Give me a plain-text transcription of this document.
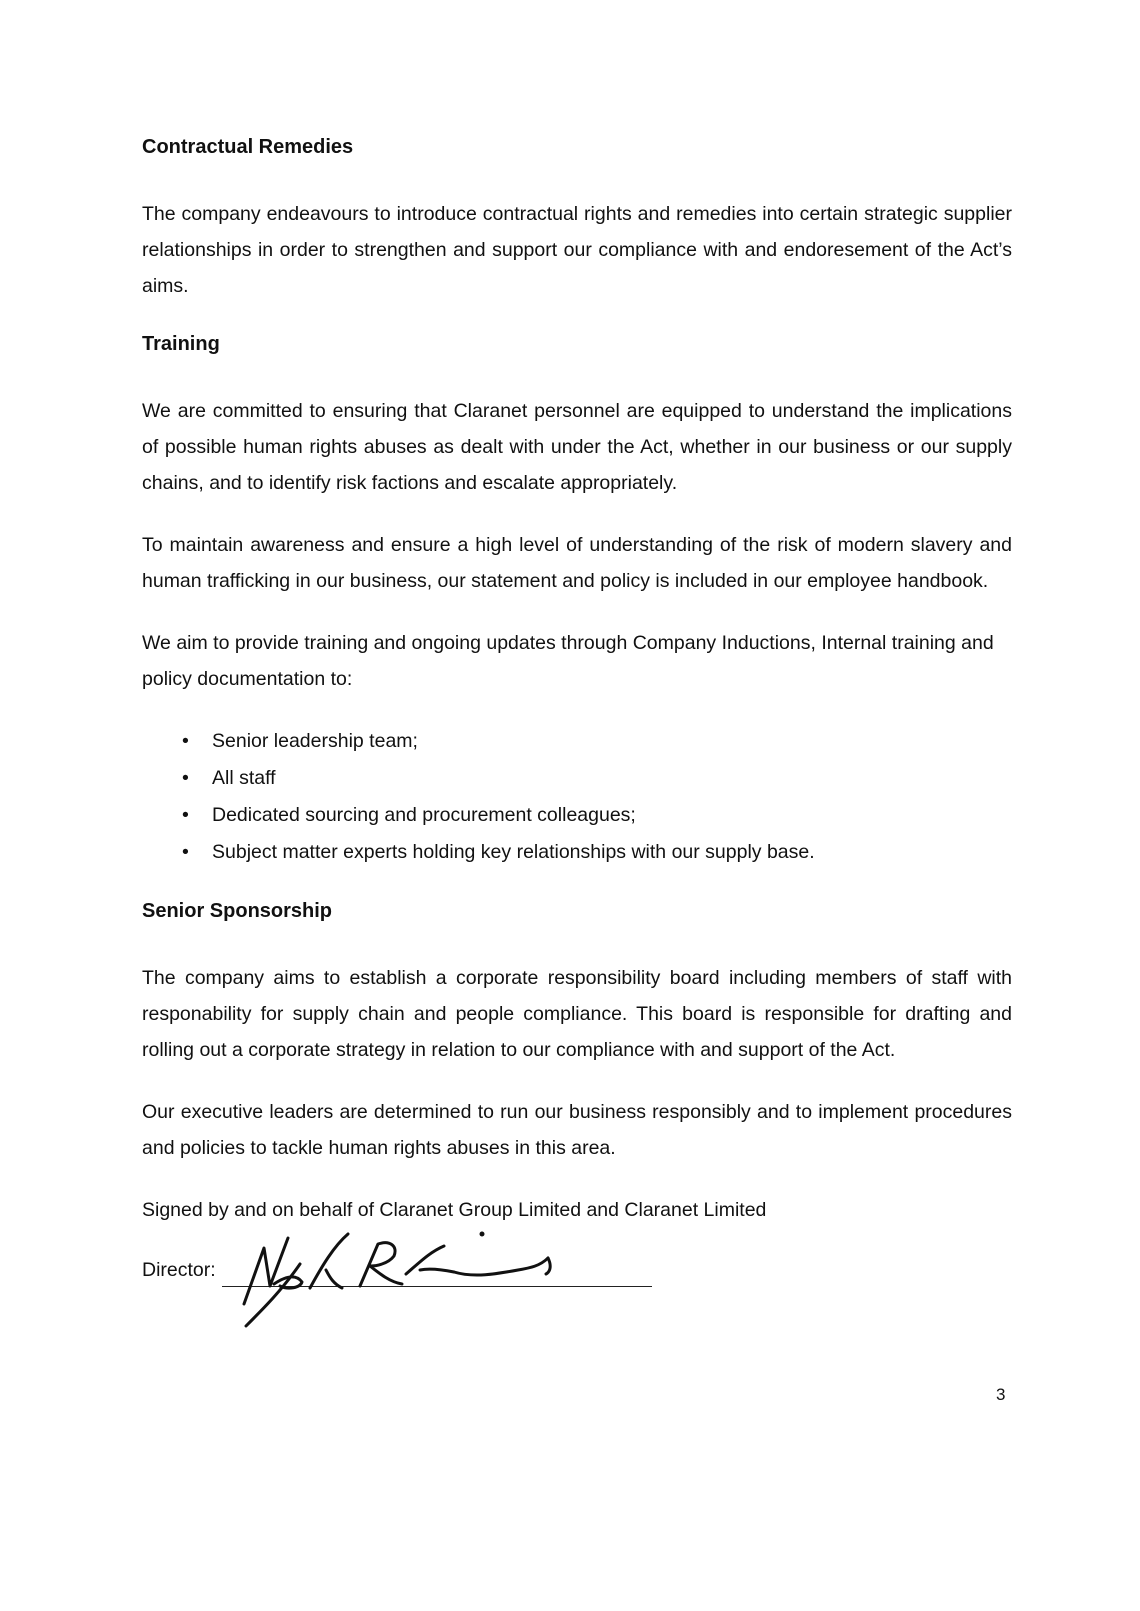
Contractual Remedies

The company endeavours to introduce contractual rights and remedies into certain strategic supplier relationships in order to strengthen and support our compliance with and endoresement of the Act’s aims.

Training

We are committed to ensuring that Claranet personnel are equipped to understand the implications of possible human rights abuses as dealt with under the Act, whether in our business or our supply chains, and to identify risk factions and escalate appropriately.

To maintain awareness and ensure a high level of understanding of the risk of modern slavery and human trafficking in our business, our statement and policy is included in our employee handbook.

We aim to provide training and ongoing updates through Company Inductions, Internal training and policy documentation to:

• Senior leadership team;
• All staff
• Dedicated sourcing and procurement colleagues;
• Subject matter experts holding key relationships with our supply base.
Senior Sponsorship

The company aims to establish a corporate responsibility board including members of staff with responability for supply chain and people compliance. This board is responsible for drafting and rolling out a corporate strategy in relation to our compliance with and support of the Act.

Our executive leaders are determined to run our business responsibly and to implement procedures and policies to tackle human rights abuses in this area.

Signed by and on behalf of Claranet Group Limited and Claranet Limited

Director:
3
